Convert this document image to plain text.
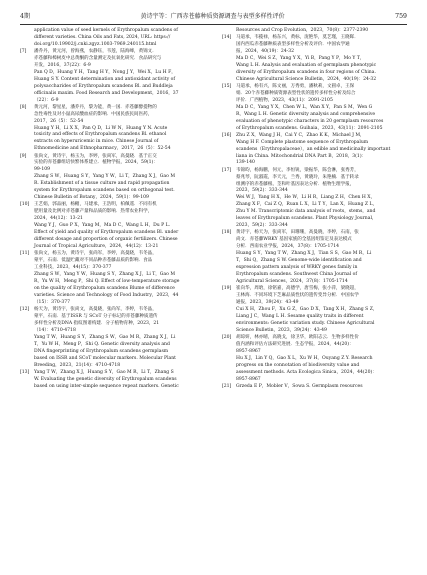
4期	黄诗宇等：广西赤苍藤种质资源调查与表型多样性评价	759
application value of seed kernels of Erythropalum scandens of
different varieties. China Oils and Fats, 2024, URL: https://
doi.org/10.19902/j.cnki.zgyz.1003-7969.240115.html
[7]	潘乔丹，黄元河，曾海燕，农静钰，韦莲，陆海峰，黄锦文．
赤苍藤和樟树皮中总黄酮的含量测定及抗氧化研究．食品研究与
开发，2016，37(22)：6-9
Pan Q D，Huang Y H，Tang H Y，Nong J Y，Wei X，Lu H F，
Huang S Y. Content determination and antioxidant activity of
polysaccharides of Erythropalum scandens Bl. and Buddleja
officinalis maxim. Food Research and Development，2016，37
（22）：6-9
[8]	黄元河，黎星星，潘乔丹，黎为能，黄一国．赤苍藤醇提物的
急性毒性及对小鼠高尿酸血症的影响．中国民族民间医药，
2017，26（5）：52-54
Huang Y H，Li X X，Pan Q D，Li W N，Huang Y N. Acute
toxicity and effects of Erythropalum scandens Bl. ethanol
extracts on hyperuricemic in mice. Chinese Journal of
Ethnomedicine and Ethnopharmacy，2017，26（5）：52-54
[9]	张尚文，黄诗宇，杨玉为，李婷，张尚军，高曼晓．基于正交
实验的赤苍藤组培快繁体系建立．植物学报，2024，59(1)：
99-109
Zhang S W，Huang S Y，Yang Y W，Li T，Zhang X J，Gao M
R. Establishment of a tissue culture and rapid propagation
system for Erythropalum scandens based on orthogonal test.
Chinese Bulletin of Botany，2024，59(1)：99-109
[10]	王艺娟，郭品丽，杨楣，马建承，王浩明，柏佩遥．不同有机
肥用量及比例对赤苍藤产量和品质的影响．热带农业科学，
2024，44(12)：13-21
Wang Y J，Guo P X，Yang M，Ma D C，Wang L H，Du P L.
Effect of yield and quality of Erythropalum scandens Bl. under
different dosage and proportion of organic fertilizers. Chinese
Journal of Tropical Agriculture，2024，44(12)：13-21
[11]	张尚文，杨玉为，黄诗宇，张尚军，李婷，高曼晓，韦冬晶，
蒙平，石南．低温贮藏对不同品种赤苍藤品质的影响．食品
工业科技，2023，44(15)：370-377
Zhang S W，Yang Y W，Huang S Y，Zhang X J，Li T，Gao M
R，Yu W H，Meng P，Shi Q. Effect of low-temperature storage
on the quality of Erythropalum scandens Blume of difference
varieties. Science and Technology of Food Industry，2023，44
（15）：370-377
[12]	杨天为，黄诗宇，张尚文，高曼晓，张尚军，李婷，韦冬晶，
蒙平，石南．基于ISSR 与 SCoT 分子标记的赤苍藤种质遗传
多样性分析及DNA 指纹图谱构建．分子植物育种，2023，21
（14）：4710-4718
Yang T W，Huang S Y，Zhang S W，Gao M R，Zhang X J，Li
T，Yu W H，Meng P，Shi Q. Genetic diversity analysis and
DNA fingerprinting of Erythropalum scandens germplasm
based on ISSR and SCoT molecular markers. Molecular Plant
Breeding，2023，21(14)：4710-4718
[13]	Yang T W，Zhang X J，Huang S Y，Gao M R，Li T，Zhang S
W. Evaluating the genetic diversity of Erythropalum scandens
based on using inter-simple sequence repeat markers. Genetic
Resources and Crop Evolution，2023，70(8)：2377-2390
[14]	马道承，韦揽禄，杨东兴，黄标，庞艳华，莫艺瑾，王晓晖．
国内西瓜赤苍藤种质表型多样性分析及评价．中国农学通
报，2024，40(19)：24-32
Ma D C，Wei S Z，Yang Y X，Yi B，Pang Y P，Mo Y T，
Wang L H. Analysis and evaluation of germplasm phenotypic
diversity of Erythropalum scandens in four regions of China.
Chinese Agricultural Science Bulletin，2024，40(19)：24-32
[15]	马道承，杨有兴，陈文丽，万秀勇，潘秋莉，文圆卓，王保
娟．20个赤苍藤种质资源表型性状的遗传多样性分析及综合
评价．广西植物，2023，43(11)：2091-2105
Ma D C，Yang Y X，Chen W L，Wan X Y，Pan S M，Wen G
R，Wang L H. Genetic diversity analysis and comprehensive
evaluation of phenotypic characters in 20 germplasm resources
of Erythropalum scandens. Guihaia，2023，43(11)：2091-2105
[16]	Zhu Z X，Wang J H，Cai Y C，Zhao K K，Michael J M，
Wang H F. Complete plastome sequence of Erythropalum
scandens（Erythropalaceae），an edible and medicinally important
liana in China. Mitochondrial DNA Part B，2018，3(1)：
139-140
[17]	韦锦昀，杨海鹏，何元，李恒锐，梁振华，陈会淋，张秀芳，
蔡兆琴，阮淑霞，李天元，兰秀，黄晓玲，朱艳楠．基于转录
组测序的赤苍藤根、茎和叶基因表达分析．植物生理学报，
2023，59(2)：333-344
Wei W J，Yang H X，He W，Li H R，Liang Z H，Chen H X，
Zhang X F，Cai Z Q，Ruan L X，Li T Y，Lan X，Huang Z L，
Zhu Y M. Transcriptomic data analysis of roots，stems，and
leaves of Erythropalum scandens. Plant Physiology Journal，
2023，59(2)：333-344
[18]	黄诗宇，杨天为，张尚军，田珊珊，高曼晓，李婷，石南，张
尚文．赤苍藤WRKY 基因家族的全基因组鉴定及表达模式
分析．西南农业学报，2024，37(8)：1705-1714
Huang S Y，Yang T W，Zhang X J，Tian S S，Gao M R，Li
T，Shi Q，Zhang S W. Genome-wide identification and
expression pattern analysis of WRKY genes family in
Erythropalum scandens. Southwest China Journal of
Agricultural Sciences，2024，37(8)：1705-1714
[19]	崔向华，周晗，徐铭嘉，高德学，唐雪梅，张小萍，梁晓超，
王林海．不同环境下芝麻品质性状的遗传变异分析．中国农学
通报，2023，39(24)：43-49
Cui X H，Zhou F，Xu G Z，Gao D X，Tang X H，Zhang S Z，
Liang J C，Wang L H. Sesame quality traits in different
environments: Genetic variation study. Chinese Agricultural
Science Bulletin，2023，39(24)：43-49
[20]	胡琼妍，林亦晴，高晓戈，徐卫华，欧阳志云．生物多样性价
值内涵和评估方法研究进展．生态学报，2024，44(20)：
8957-8967
Hu X J，Lin Y Q，Gao X L，Xu W H，Ouyang Z Y. Research
progress on the connotation of biodiversity value and
assessment methods. Acta Ecologica Sinica，2024，44(20)：
8957-8967
[21]	Grzeda E P，Mobler V，Sowa S. Germplasm resources
